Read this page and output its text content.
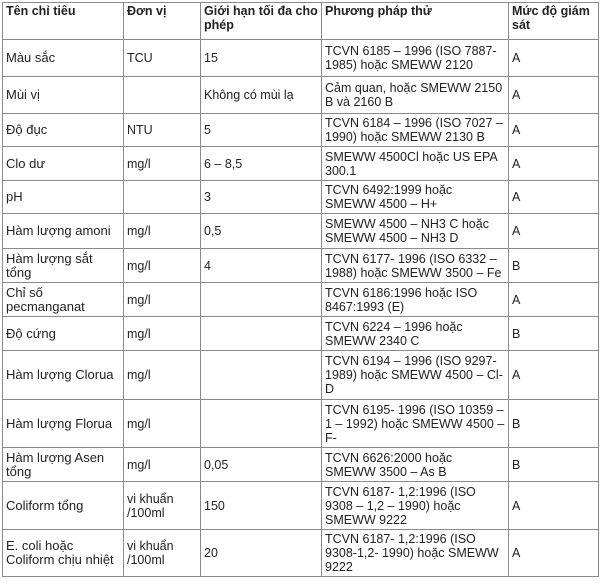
Tên chỉ tiêu	Đơn vị	Giới hạn tối đa cho phép	Phương pháp thử	Mức độ giám sát
Màu sắc	TCU	15	TCVN 6185 – 1996 (ISO 7887-1985) hoặc SMEWW 2120	A
Mùi vị		Không có mùi lạ	Cảm quan, hoặc SMEWW 2150 B và 2160 B	A
Độ đục	NTU	5	TCVN 6184 – 1996 (ISO 7027 – 1990) hoặc SMEWW 2130 B	A
Clo dư	mg/l	6 – 8,5	SMEWW 4500Cl hoặc US EPA 300.1	A
pH		3	TCVN 6492:1999 hoặc SMEWW 4500 – H+	A
Hàm lượng amoni	mg/l	0,5	SMEWW 4500 – NH3 C hoặc SMEWW 4500 – NH3 D	A
Hàm lượng sắt tổng	mg/l	4	TCVN 6177- 1996 (ISO 6332 – 1988) hoặc SMEWW 3500 – Fe	B
Chỉ số pecmanganat	mg/l		TCVN 6186:1996 hoặc ISO 8467:1993 (E)	A
Độ cứng	mg/l		TCVN 6224 – 1996 hoặc SMEWW 2340 C	B
Hàm lượng Clorua	mg/l		TCVN 6194 – 1996 (ISO 9297-1989) hoặc SMEWW 4500 – Cl-D	A
Hàm lượng Florua	mg/l		TCVN 6195- 1996 (ISO 10359 – 1 – 1992) hoặc SMEWW 4500 – F-	B
Hàm lượng Asen tổng	mg/l	0,05	TCVN 6626:2000 hoặc SMEWW 3500 – As B	B
Coliform tổng	vi khuẩn /100ml	150	TCVN 6187- 1,2:1996 (ISO 9308 – 1,2 – 1990) hoặc SMEWW 9222	A
E. coli hoặc Coliform chịu nhiệt	vi khuẩn /100ml	20	TCVN 6187- 1,2:1996 (ISO 9308-1,2- 1990) hoặc SMEWW 9222	A
